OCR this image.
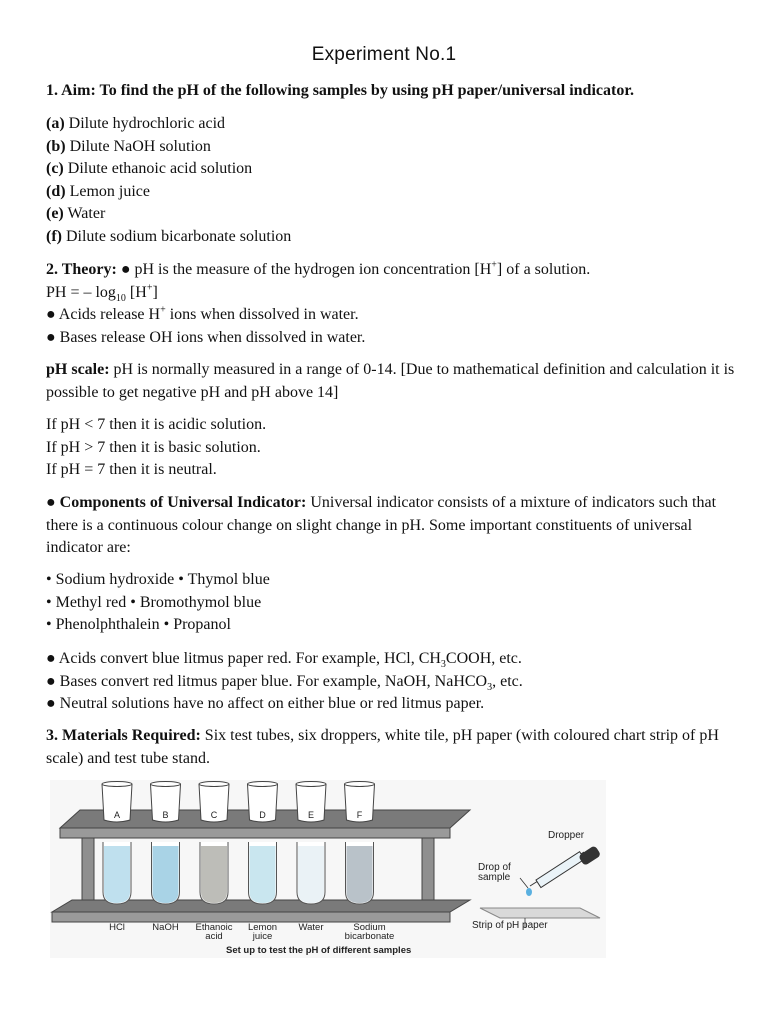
Experiment No.1

1. Aim: To find the pH of the following samples by using pH paper/universal indicator.

(a) Dilute hydrochloric acid

(b) Dilute NaOH solution

(c) Dilute ethanoic acid solution

(d) Lemon juice

(e) Water

(f) Dilute sodium bicarbonate solution

2. Theory: ● pH is the measure of the hydrogen ion concentration [H+] of a solution.

PH = – $\log_{10} [H^+]$

● Acids release H+ ions when dissolved in water.

● Bases release OH ions when dissolved in water.

pH scale: pH is normally measured in a range of 0-14. [Due to mathematical definition and calculation it is possible to get negative pH and pH above 14]

If pH < 7 then it is acidic solution.

If pH > 7 then it is basic solution.

If pH = 7 then it is neutral.

● Components of Universal Indicator: Universal indicator consists of a mixture of indicators such that there is a continuous colour change on slight change in pH. Some important constituents of universal indicator are:

• Sodium hydroxide • Thymol blue

• Methyl red • Bromothymol blue

• Phenolphthalein • Propanol

● Acids convert blue litmus paper red. For example, HCl, $CH_3COOH$, etc.

● Bases convert red litmus paper blue. For example, NaOH, NaHCO$_3$, etc.

● Neutral solutions have no affect on either blue or red litmus paper.

3. Materials Required: Six test tubes, six droppers, white tile, pH paper (with coloured chart strip of pH scale) and test tube stand.

A	B	C	D	E	F
HCl	NaOH Ethanoic
acid
Lemon
juice
Water	Sodium
bicarbonate
Dropper
Drop of
sample
Strip of pH paper
Set up to test the pH of different samples
